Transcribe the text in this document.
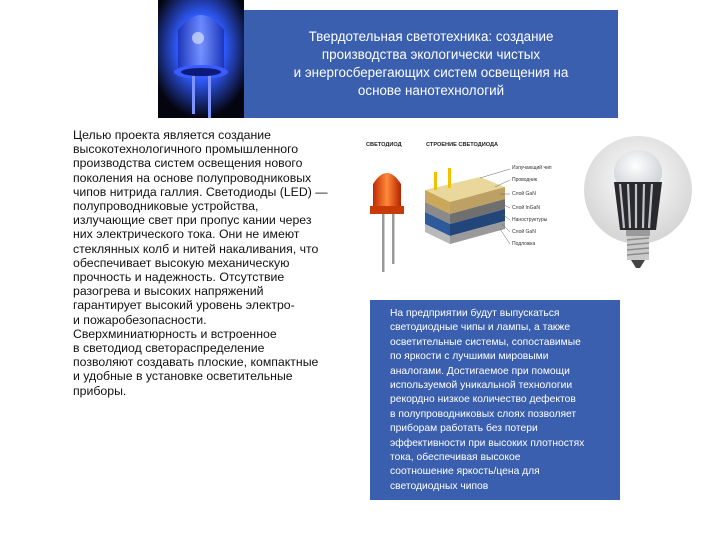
Твердотельная светотехника: создание
производства экологически чистых
и энергосберегающих систем освещения на
основе нанотехнологий
Целью проекта является создание
высокотехнологичного промышленного
производства систем освещения нового
поколения на основе полупроводниковых
чипов нитрида галлия. Светодиоды (LED) —
полупроводниковые устройства,
излучающие свет при пропус кании через
них электрического тока. Они не имеют
стеклянных колб и нитей накаливания, что
обеспечивает высокую механическую
прочность и надежность. Отсутствие
разогрева и высоких напряжений
гарантирует высокий уровень электро-
и пожаробезопасности.
Сверхминиатюрность и встроенное
в светодиод светораспределение
позволяют создавать плоские, компактные
и удобные в установке осветительные
приборы.
СВЕТОДИОД	СТРОЕНИЕ СВЕТОДИОДА
Излучающий чип
Проводник
Слой GaN
Слой InGaN
Наноструктуры
Слой GaN
Подложка
На предприятии будут выпускаться
светодиодные чипы и лампы, а также
осветительные системы, сопоставимые
по яркости с лучшими мировыми
аналогами. Достигаемое при помощи
используемой уникальной технологии
рекордно низкое количество дефектов
в полупроводниковых слоях позволяет
приборам работать без потери
эффективности при высоких плотностях
тока, обеспечивая высокое
соотношение яркость/цена для
светодиодных чипов
